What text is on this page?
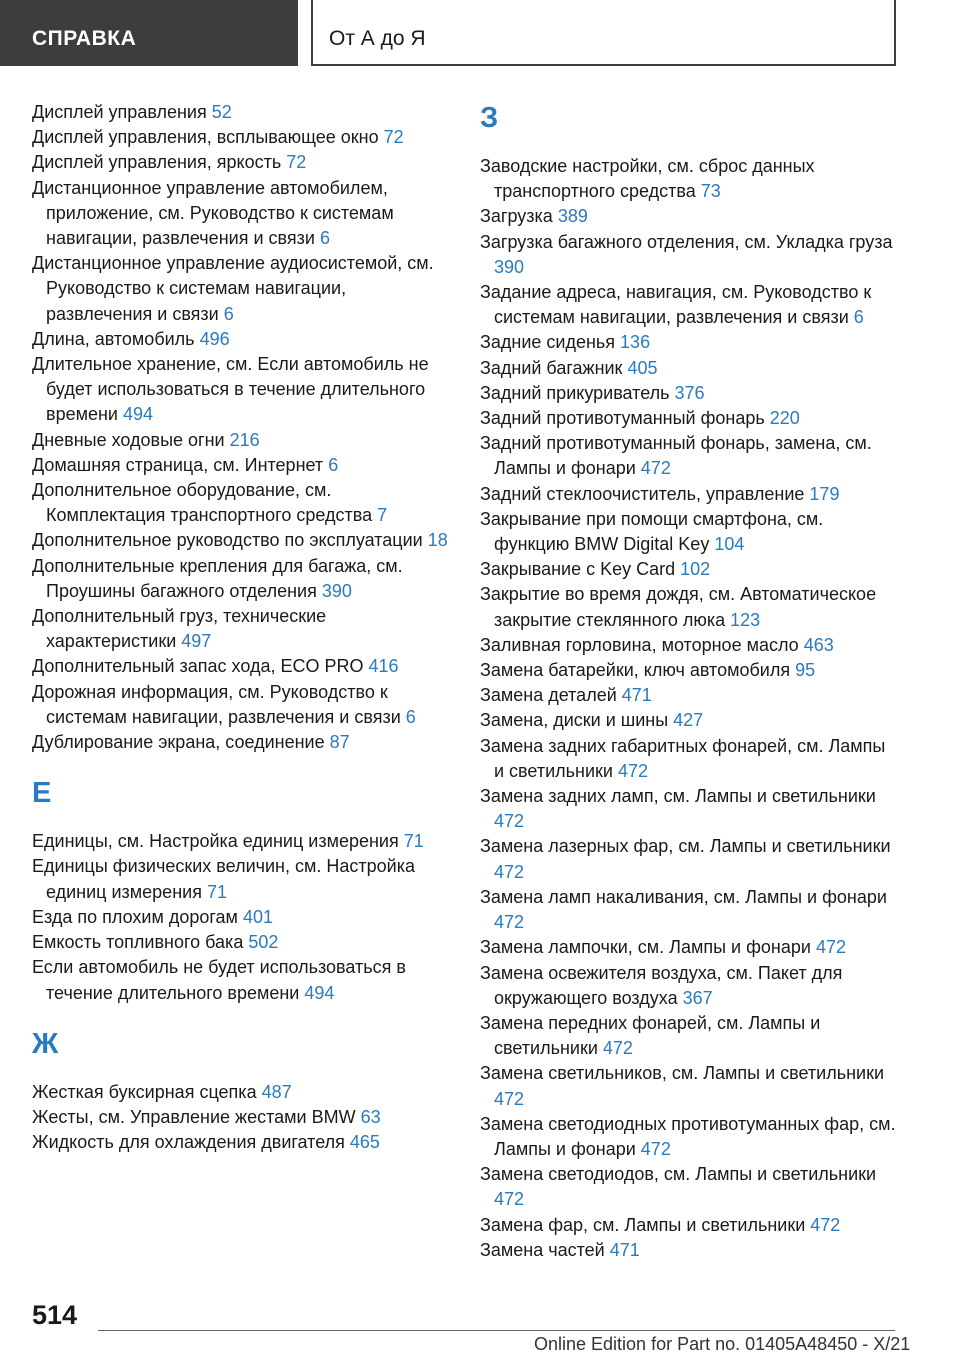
СПРАВКА	От А до Я
Дисплей управления 52
Дисплей управления, всплывающее окно 72
Дисплей управления, яркость 72
Дистанционное управление автомобилем, приложение, см. Руководство к системам навигации, развлечения и связи 6
Дистанционное управление аудиосистемой, см. Руководство к системам навигации, развлечения и связи 6
Длина, автомобиль 496
Длительное хранение, см. Если автомобиль не будет использоваться в течение длительного времени 494
Дневные ходовые огни 216
Домашняя страница, см. Интернет 6
Дополнительное оборудование, см. Комплектация транспортного средства 7
Дополнительное руководство по эксплуатации 18
Дополнительные крепления для багажа, см. Проушины багажного отделения 390
Дополнительный груз, технические характеристики 497
Дополнительный запас хода, ECO PRO 416
Дорожная информация, см. Руководство к системам навигации, развлечения и связи 6
Дублирование экрана, соединение 87
Е
Единицы, см. Настройка единиц измерения 71
Единицы физических величин, см. Настройка единиц измерения 71
Езда по плохим дорогам 401
Емкость топливного бака 502
Если автомобиль не будет использоваться в течение длительного времени 494
Ж
Жесткая буксирная сцепка 487
Жесты, см. Управление жестами BMW 63
Жидкость для охлаждения двигателя 465
З
Заводские настройки, см. сброс данных транспортного средства 73
Загрузка 389
Загрузка багажного отделения, см. Укладка груза 390
Задание адреса, навигация, см. Руководство к системам навигации, развлечения и связи 6
Задние сиденья 136
Задний багажник 405
Задний прикуриватель 376
Задний противотуманный фонарь 220
Задний противотуманный фонарь, замена, см. Лампы и фонари 472
Задний стеклоочиститель, управление 179
Закрывание при помощи смартфона, см. функцию BMW Digital Key 104
Закрывание с Key Card 102
Закрытие во время дождя, см. Автоматическое закрытие стеклянного люка 123
Заливная горловина, моторное масло 463
Замена батарейки, ключ автомобиля 95
Замена деталей 471
Замена, диски и шины 427
Замена задних габаритных фонарей, см. Лампы и светильники 472
Замена задних ламп, см. Лампы и светильники 472
Замена лазерных фар, см. Лампы и светильники 472
Замена ламп накаливания, см. Лампы и фонари 472
Замена лампочки, см. Лампы и фонари 472
Замена освежителя воздуха, см. Пакет для окружающего воздуха 367
Замена передних фонарей, см. Лампы и светильники 472
Замена светильников, см. Лампы и светильники 472
Замена светодиодных противотуманных фар, см. Лампы и фонари 472
Замена светодиодов, см. Лампы и светильники 472
Замена фар, см. Лампы и светильники 472
Замена частей 471
514
Online Edition for Part no. 01405A48450 - X/21
